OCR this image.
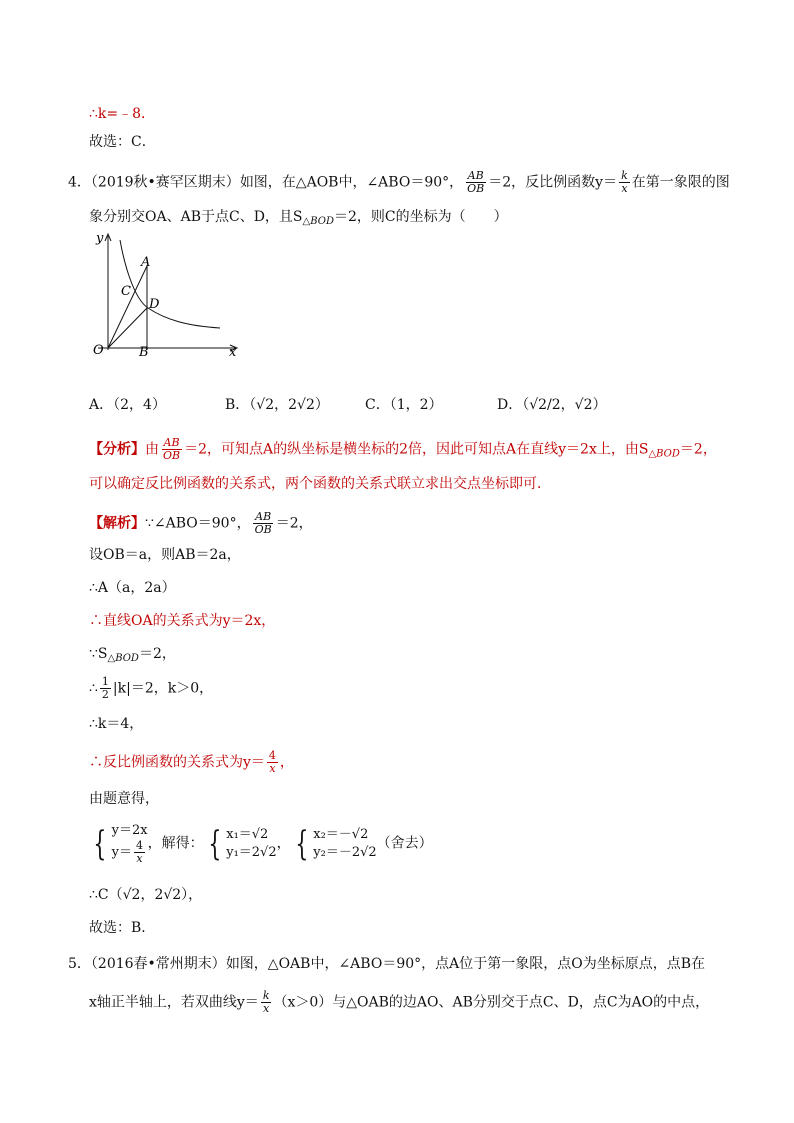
∴k=﹣8．
故选：C．
4．（2019秋•赛罕区期末）如图，在△AOB中，∠ABO＝90°， $\frac{AB}{OB} =2$，反比例函数$y= \frac{k}{x}$ 在第一象限的图
象分别交OA、AB于点C、D，且$S_{\triangle BOD}=2$，则C的坐标为（　　）
y
x
O
A
B
C
D
A．（2，4）	B．（√2，2√2）	C．（1，2）	D．（√2/2，√2）
【分析】由 $\frac{AB}{OB} =2$，可知点A的纵坐标是横坐标的2倍，因此可知点A在直线y＝2x上，由$S_{\triangle BOD}=2$，
可以确定反比例函数的关系式，两个函数的关系式联立求出交点坐标即可．
【解析】∵∠ABO＝90°， $\frac{AB}{OB} =2$，
设OB＝a，则AB＝2a，
∴A（a，2a）
∴直线OA的关系式为y＝2x，
$\because S_{\triangle BOD}=2$，
∴ $\frac{1}{2} |k|=2$，k＞0，
∴k＝4，
∴反比例函数的关系式为$y= \frac{4}{x}$ ，
由题意得，
{ y＝2x
$y= \frac{4}{x}$ ，解得： { x₁＝√2
y₁＝2√2
， { x₂＝－√2
y₂＝－2√2
（舍去）
∴C（√2，2√2），
故选：B．
5．（2016春•常州期末）如图，△OAB中，∠ABO＝90°，点A位于第一象限，点O为坐标原点，点B在
x轴正半轴上，若双曲线$y= \frac{k}{x} (x>0)$与△OAB的边AO、AB分别交于点C、D，点C为AO的中点，
